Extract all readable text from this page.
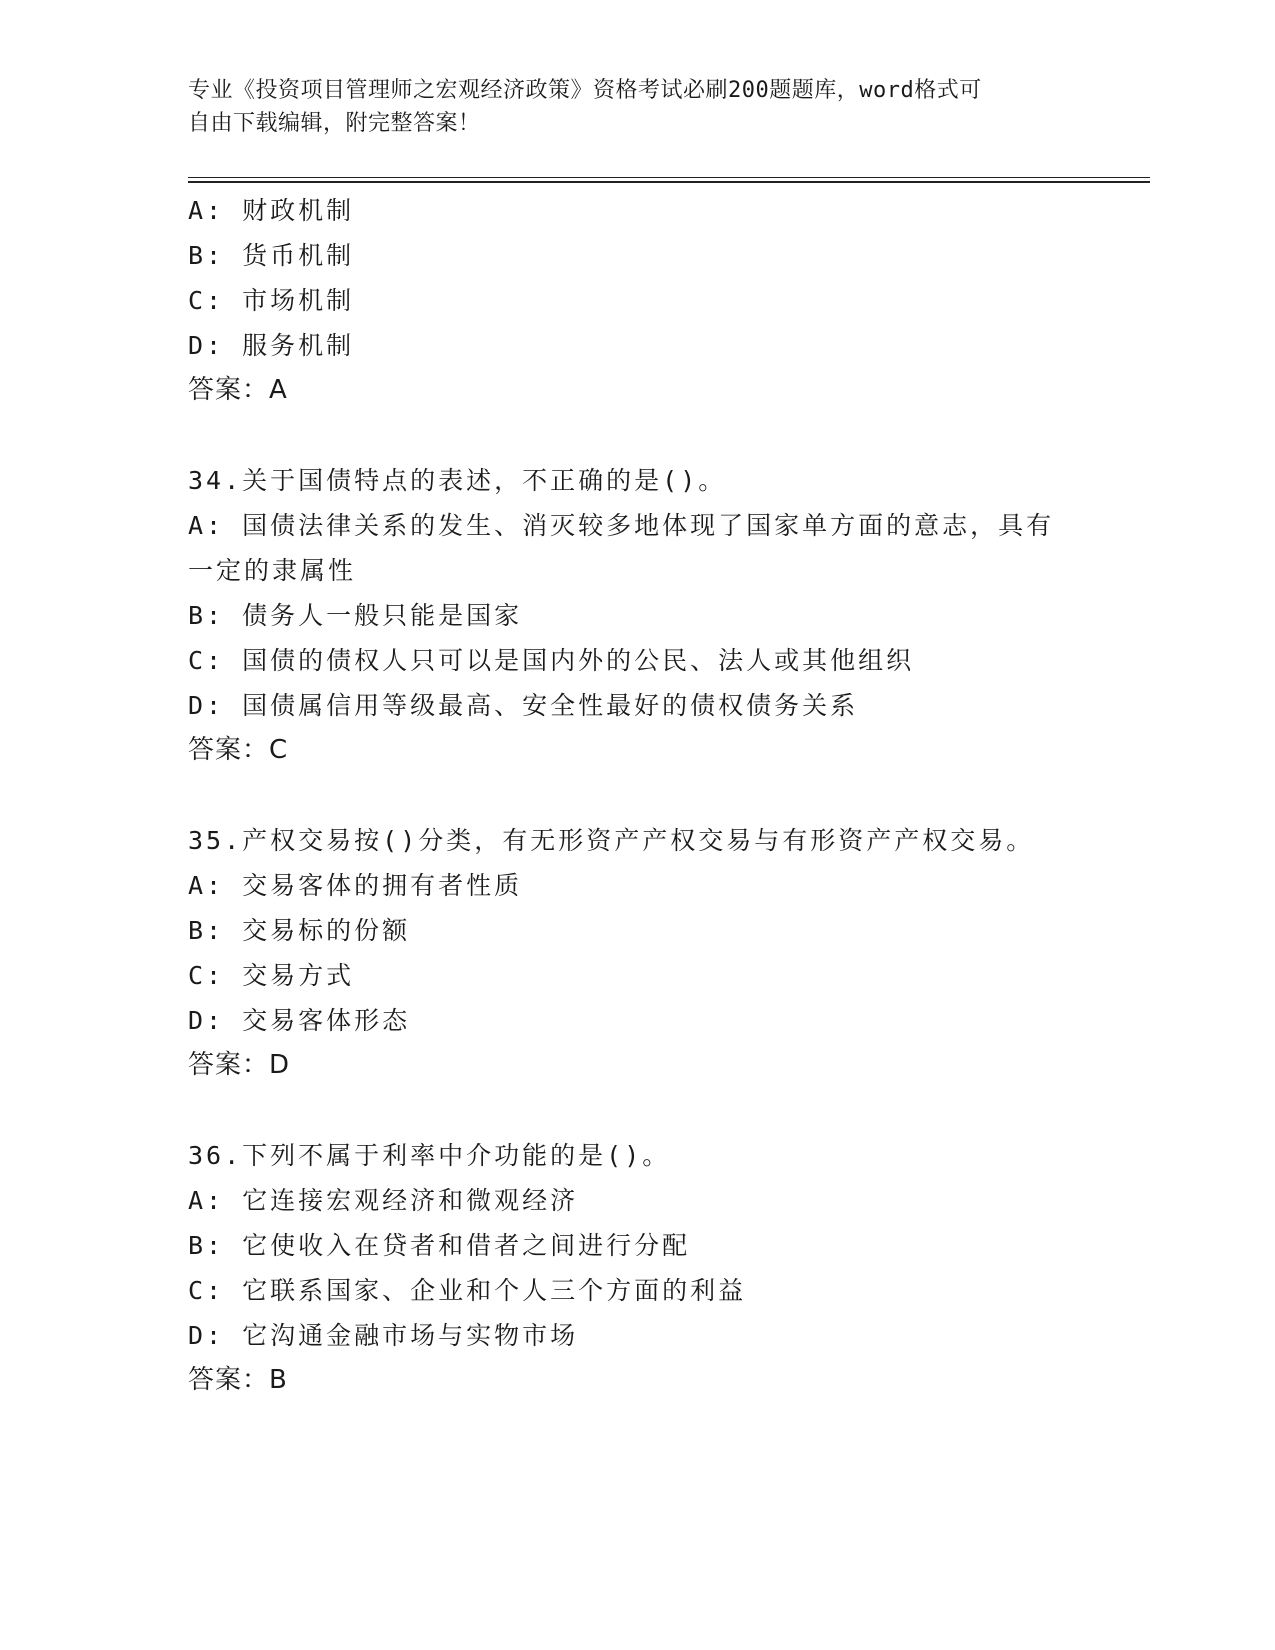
专业《投资项目管理师之宏观经济政策》资格考试必刷200题题库，word格式可
自由下载编辑，附完整答案！
A: 财政机制
B: 货币机制
C: 市场机制
D: 服务机制
答案：A
34.关于国债特点的表述，不正确的是()。
A: 国债法律关系的发生、消灭较多地体现了国家单方面的意志，具有
一定的隶属性
B: 债务人一般只能是国家
C: 国债的债权人只可以是国内外的公民、法人或其他组织
D: 国债属信用等级最高、安全性最好的债权债务关系
答案：C
35.产权交易按()分类，有无形资产产权交易与有形资产产权交易。
A: 交易客体的拥有者性质
B: 交易标的份额
C: 交易方式
D: 交易客体形态
答案：D
36.下列不属于利率中介功能的是()。
A: 它连接宏观经济和微观经济
B: 它使收入在贷者和借者之间进行分配
C: 它联系国家、企业和个人三个方面的利益
D: 它沟通金融市场与实物市场
答案：B
